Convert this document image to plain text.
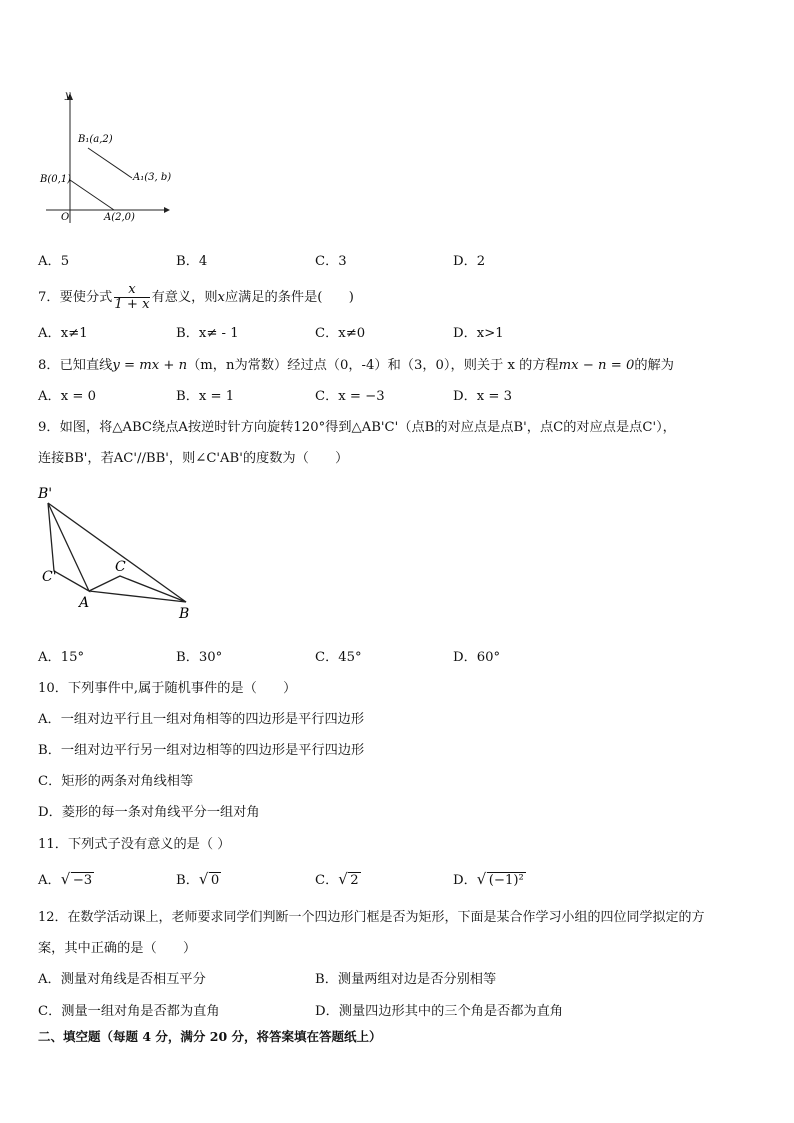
y
O
B₁(a,2)
A₁(3, b)
B(0,1)
A(2,0)
A．5	B．4	C．3	D．2
7．要使分式 $\frac{x}{1 + x}$ 有意义，则x应满足的条件是(　　)
A．x≠1	B．x≠ - 1	C．x≠0	D．x>1
8．已知直线y = mx + n（m，n为常数）经过点（0，-4）和（3，0），则关于 x 的方程mx − n = 0的解为
A．x = 0	B．x = 1	C．x = −3	D．x = 3
9．如图，将△ABC绕点A按逆时针方向旋转120°得到△AB'C'（点B的对应点是点B'，点C的对应点是点C'），
连接BB'，若AC'//BB'，则∠C'AB'的度数为（　　）
B'
C'
C
A
B
A．15°	B．30°	C．45°	D．60°
10．下列事件中,属于随机事件的是（　　）
A．一组对边平行且一组对角相等的四边形是平行四边形
B．一组对边平行另一组对边相等的四边形是平行四边形
C．矩形的两条对角线相等
D．菱形的每一条对角线平分一组对角
11．下列式子没有意义的是（ ）
A． √ −3	B． √ 0	C． √ 2	D． √ (−1)²
12．在数学活动课上，老师要求同学们判断一个四边形门框是否为矩形，下面是某合作学习小组的四位同学拟定的方
案，其中正确的是（　　）
A．测量对角线是否相互平分	B．测量两组对边是否分别相等
C．测量一组对角是否都为直角	D．测量四边形其中的三个角是否都为直角
二、填空题（每题 4 分，满分 20 分，将答案填在答题纸上）
